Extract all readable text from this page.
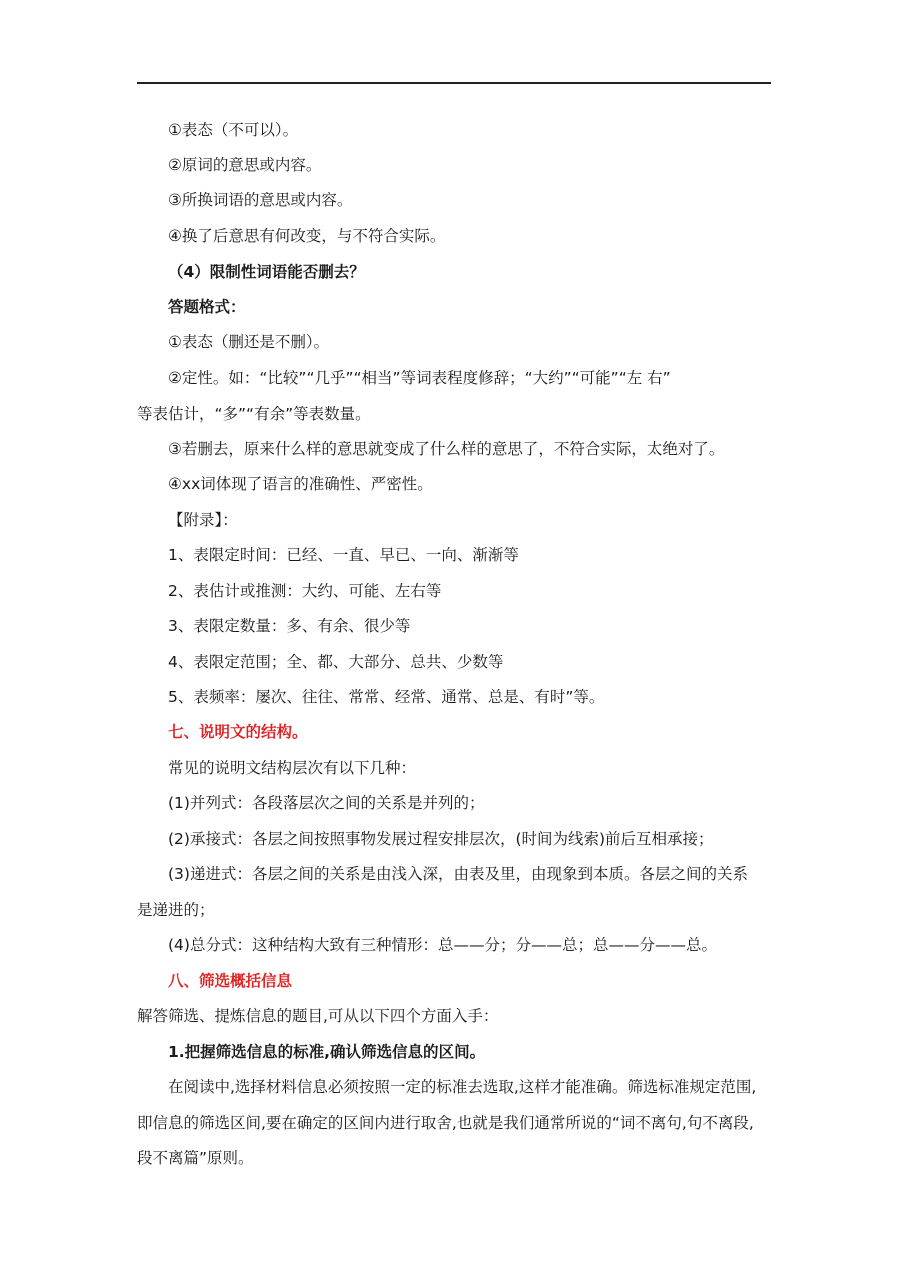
①表态（不可以）。
②原词的意思或内容。
③所换词语的意思或内容。
④换了后意思有何改变，与不符合实际。
（4）限制性词语能否删去？
答题格式：
①表态（删还是不删）。
②定性。如：“比较”“几乎”“相当”等词表程度修辞；“大约”“可能”“左 右”
等表估计，“多”“有余”等表数量。
③若删去，原来什么样的意思就变成了什么样的意思了，不符合实际，太绝对了。
④xx词体现了语言的准确性、严密性。
【附录】：
1、表限定时间：已经、一直、早已、一向、渐渐等
2、表估计或推测：大约、可能、左右等
3、表限定数量：多、有余、很少等
4、表限定范围；全、都、大部分、总共、少数等
5、表频率：屡次、往往、常常、经常、通常、总是、有时”等。
七、说明文的结构。
常见的说明文结构层次有以下几种：
(1)并列式：各段落层次之间的关系是并列的；
(2)承接式：各层之间按照事物发展过程安排层次，(时间为线索)前后互相承接；
(3)递进式：各层之间的关系是由浅入深，由表及里，由现象到本质。各层之间的关系
是递进的；
(4)总分式：这种结构大致有三种情形：总——分；分——总；总——分——总。
八、筛选概括信息
解答筛选、提炼信息的题目,可从以下四个方面入手：
1.把握筛选信息的标准,确认筛选信息的区间。
在阅读中,选择材料信息必须按照一定的标准去选取,这样才能准确。筛选标准规定范围,
即信息的筛选区间,要在确定的区间内进行取舍,也就是我们通常所说的“词不离句,句不离段,
段不离篇”原则。
